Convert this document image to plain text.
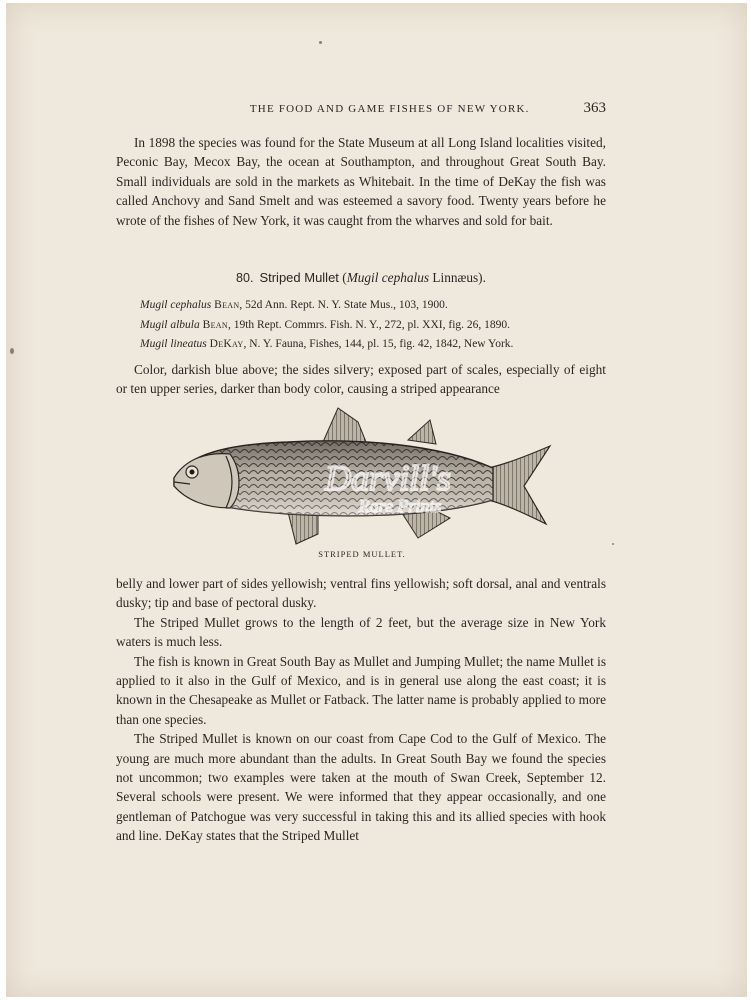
THE FOOD AND GAME FISHES OF NEW YORK.	363

In 1898 the species was found for the State Museum at all Long Island localities visited, Peconic Bay, Mecox Bay, the ocean at Southampton, and throughout Great South Bay. Small individuals are sold in the markets as Whitebait. In the time of DeKay the fish was called Anchovy and Sand Smelt and was esteemed a savory food. Twenty years before he wrote of the fishes of New York, it was caught from the wharves and sold for bait.

80. Striped Mullet (Mugil cephalus Linnæus).
Mugil cephalus Bean, 52d Ann. Rept. N. Y. State Mus., 103, 1900.
Mugil albula Bean, 19th Rept. Commrs. Fish. N. Y., 272, pl. XXI, fig. 26, 1890.
Mugil lineatus DeKay, N. Y. Fauna, Fishes, 144, pl. 15, fig. 42, 1842, New York.

Color, darkish blue above; the sides silvery; exposed part of scales, especially of eight or ten upper series, darker than body color, causing a striped appearance

Darvill's
Rare Prints
STRIPED MULLET.

belly and lower part of sides yellowish; ventral fins yellowish; soft dorsal, anal and ventrals dusky; tip and base of pectoral dusky.

The Striped Mullet grows to the length of 2 feet, but the average size in New York waters is much less.

The fish is known in Great South Bay as Mullet and Jumping Mullet; the name Mullet is applied to it also in the Gulf of Mexico, and is in general use along the east coast; it is known in the Chesapeake as Mullet or Fatback. The latter name is probably applied to more than one species.

The Striped Mullet is known on our coast from Cape Cod to the Gulf of Mexico. The young are much more abundant than the adults. In Great South Bay we found the species not uncommon; two examples were taken at the mouth of Swan Creek, September 12. Several schools were present. We were informed that they appear occasionally, and one gentleman of Patchogue was very successful in taking this and its allied species with hook and line. DeKay states that the Striped Mullet
